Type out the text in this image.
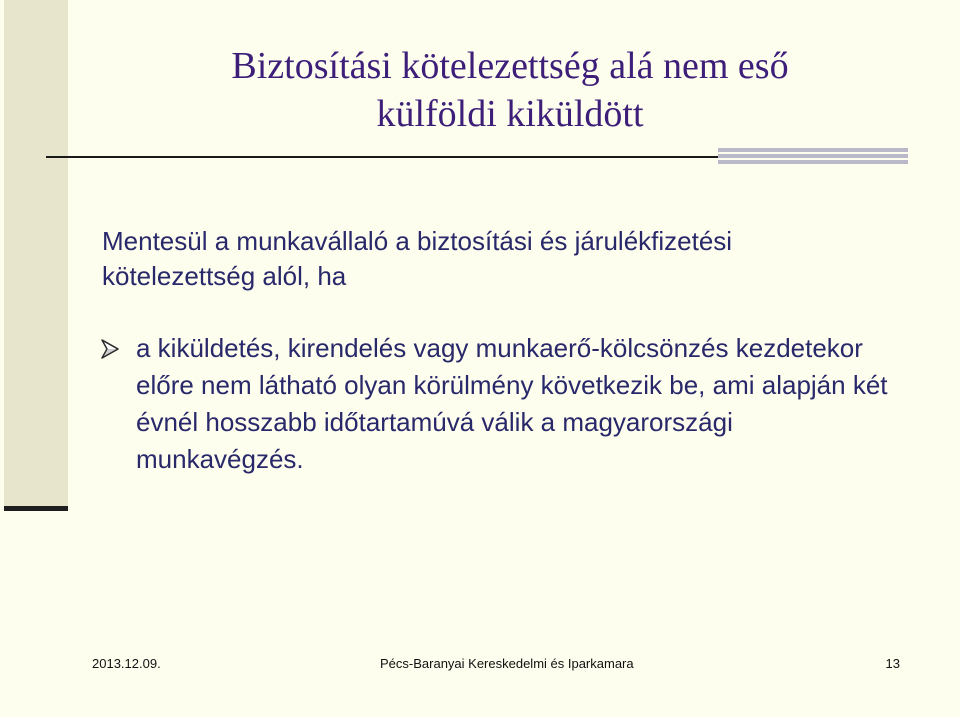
Biztosítási kötelezettség alá nem eső
külföldi kiküldött

Mentesül a munkavállaló a biztosítási és járulékfizetési kötelezettség alól, ha

a kiküldetés, kirendelés vagy munkaerő-kölcsönzés kezdetekor előre nem látható olyan körülmény következik be, ami alapján két évnél hosszabb időtartamúvá válik a magyarországi munkavégzés.

2013.12.09.	Pécs-Baranyai Kereskedelmi és Iparkamara	13
